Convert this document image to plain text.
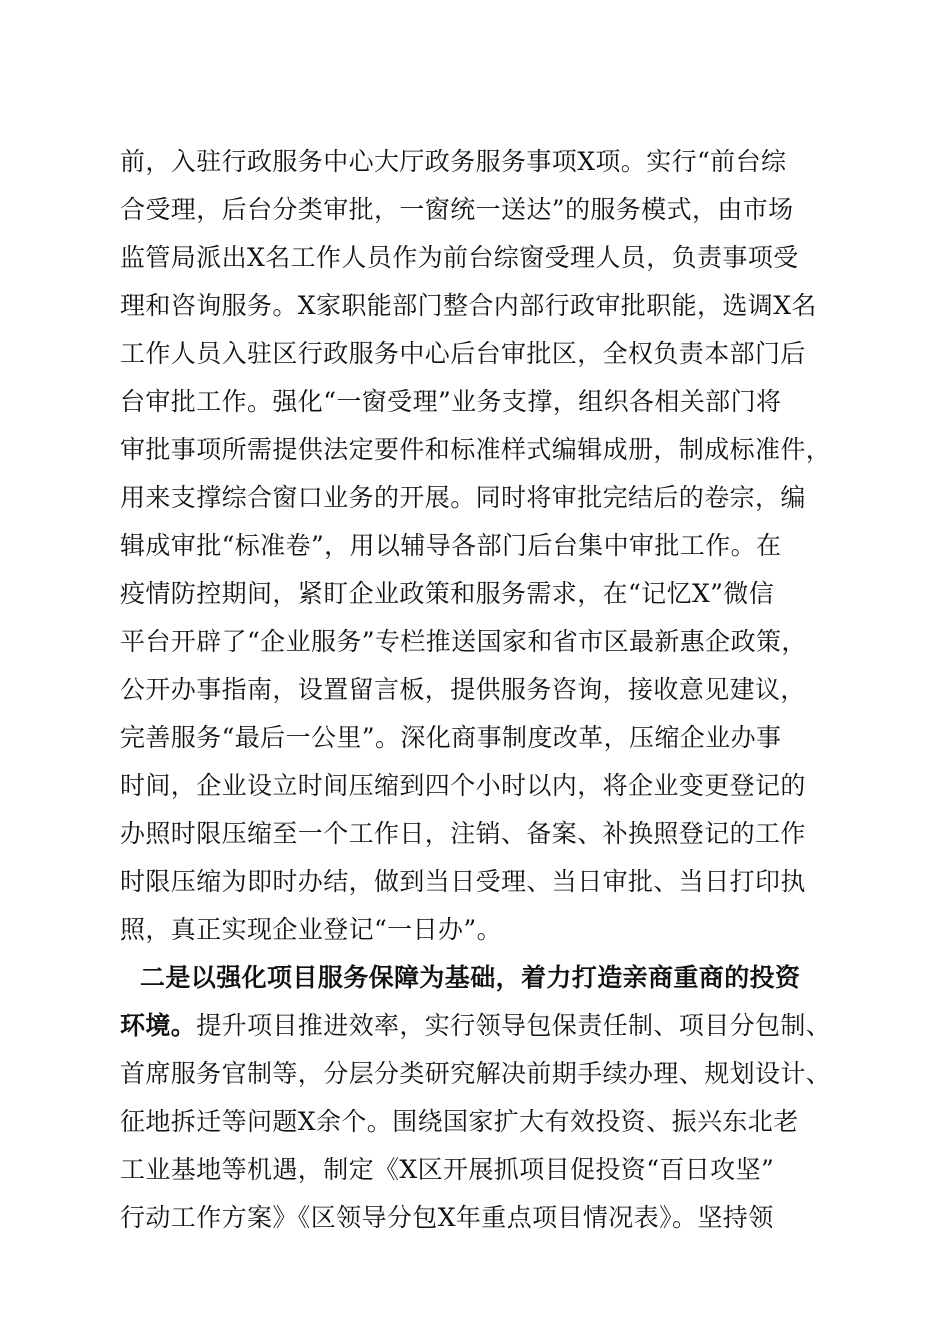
前，入驻行政服务中心大厅政务服务事项X项。实行“前台综
合受理，后台分类审批，一窗统一送达”的服务模式，由市场
监管局派出X名工作人员作为前台综窗受理人员，负责事项受
理和咨询服务。X家职能部门整合内部行政审批职能，选调X名
工作人员入驻区行政服务中心后台审批区，全权负责本部门后
台审批工作。强化“一窗受理”业务支撑，组织各相关部门将
审批事项所需提供法定要件和标准样式编辑成册，制成标准件，
用来支撑综合窗口业务的开展。同时将审批完结后的卷宗，编
辑成审批“标准卷”，用以辅导各部门后台集中审批工作。在
疫情防控期间，紧盯企业政策和服务需求，在“记忆X”微信
平台开辟了“企业服务”专栏推送国家和省市区最新惠企政策，
公开办事指南，设置留言板，提供服务咨询，接收意见建议，
完善服务“最后一公里”。深化商事制度改革，压缩企业办事
时间，企业设立时间压缩到四个小时以内，将企业变更登记的
办照时限压缩至一个工作日，注销、备案、补换照登记的工作
时限压缩为即时办结，做到当日受理、当日审批、当日打印执
照，真正实现企业登记“一日办”。
二是以强化项目服务保障为基础，着力打造亲商重商的投资
环境。提升项目推进效率，实行领导包保责任制、项目分包制、
首席服务官制等，分层分类研究解决前期手续办理、规划设计、
征地拆迁等问题X余个。围绕国家扩大有效投资、振兴东北老
工业基地等机遇，制定《X区开展抓项目促投资“百日攻坚”
行动工作方案》《区领导分包X年重点项目情况表》。坚持领
